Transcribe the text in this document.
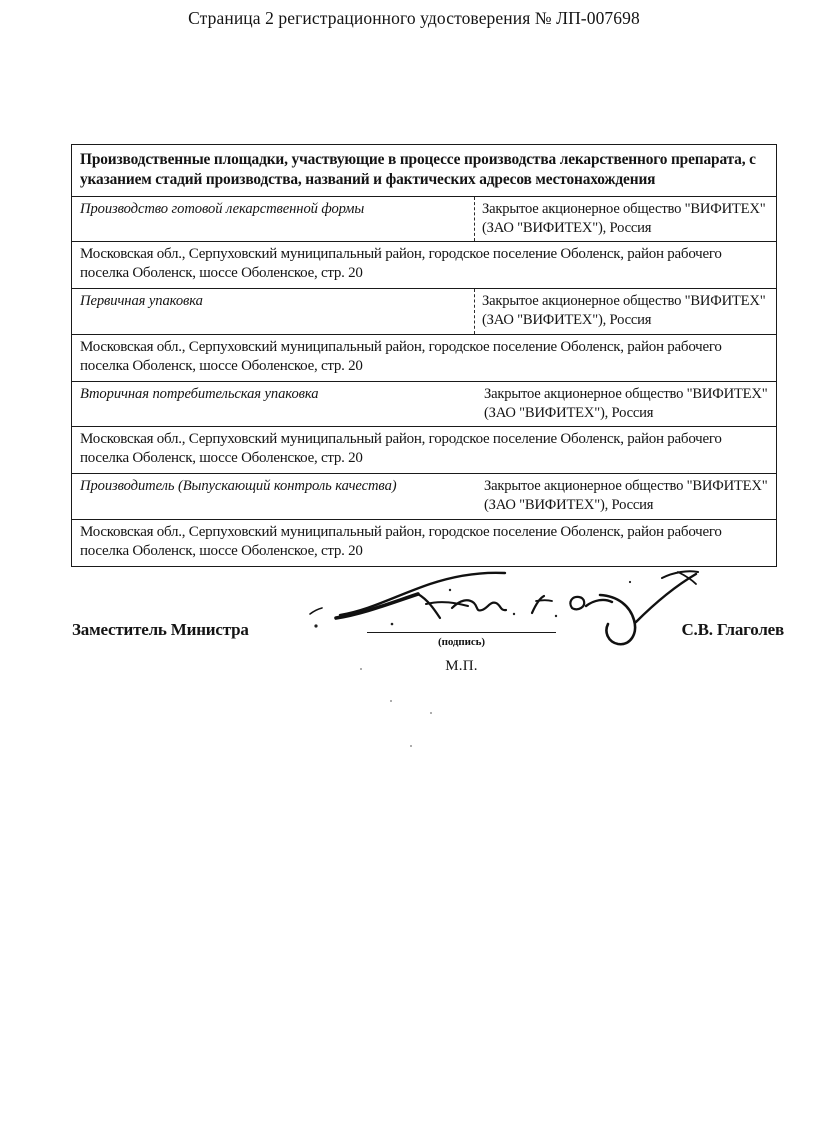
Страница 2 регистрационного удостоверения № ЛП-007698
Производственные площадки, участвующие в процессе производства лекарственного препарата, с указанием стадий производства, названий и фактических адресов местонахождения
Производство готовой лекарственной формы	Закрытое акционерное общество "ВИФИТЕХ" (ЗАО "ВИФИТЕХ"), Россия
Московская обл., Серпуховский муниципальный район, городское поселение Оболенск, район рабочего поселка Оболенск, шоссе Оболенское, стр. 20
Первичная упаковка	Закрытое акционерное общество "ВИФИТЕХ" (ЗАО "ВИФИТЕХ"), Россия
Московская обл., Серпуховский муниципальный район, городское поселение Оболенск, район рабочего поселка Оболенск, шоссе Оболенское, стр. 20
Вторичная потребительская упаковка	Закрытое акционерное общество "ВИФИТЕХ" (ЗАО "ВИФИТЕХ"), Россия
Московская обл., Серпуховский муниципальный район, городское поселение Оболенск, район рабочего поселка Оболенск, шоссе Оболенское, стр. 20
Производитель (Выпускающий контроль качества)	Закрытое акционерное общество "ВИФИТЕХ" (ЗАО "ВИФИТЕХ"), Россия
Московская обл., Серпуховский муниципальный район, городское поселение Оболенск, район рабочего поселка Оболенск, шоссе Оболенское, стр. 20
Заместитель Министра
(подпись)
М.П.
С.В. Глаголев
